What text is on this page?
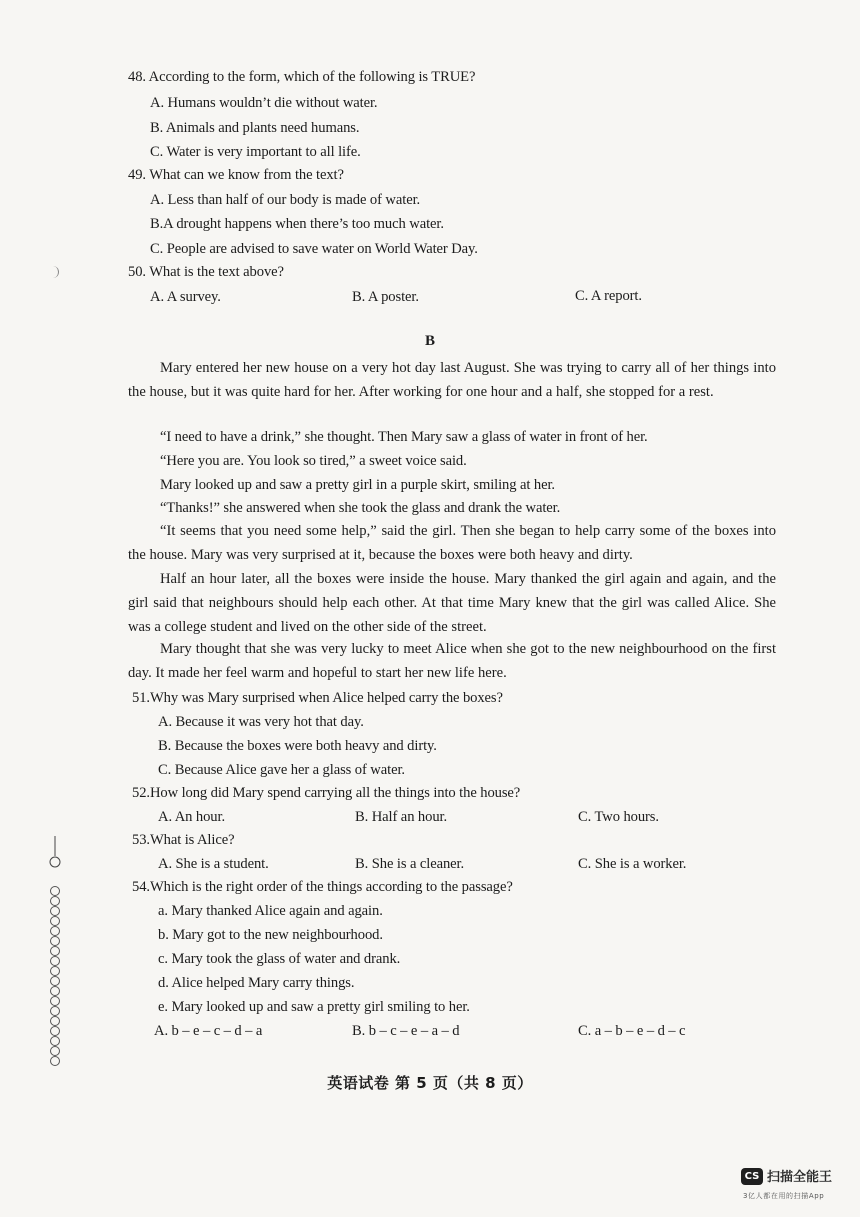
48. According to the form, which of the following is TRUE?
A. Humans wouldn’t die without water.
B. Animals and plants need humans.
C. Water is very important to all life.
49. What can we know from the text?
A. Less than half of our body is made of water.
B.A drought happens when there’s too much water.
C. People are advised to save water on World Water Day.
50. What is the text above?
A. A survey.	B. A poster.	C. A report.
B
Mary entered her new house on a very hot day last August. She was trying to carry all of her things into the house, but it was quite hard for her. After working for one hour and a half, she stopped for a rest.
“I need to have a drink,” she thought. Then Mary saw a glass of water in front of her.
“Here you are. You look so tired,” a sweet voice said.
Mary looked up and saw a pretty girl in a purple skirt, smiling at her.
“Thanks!” she answered when she took the glass and drank the water.
“It seems that you need some help,” said the girl. Then she began to help carry some of the boxes into the house. Mary was very surprised at it, because the boxes were both heavy and dirty.
Half an hour later, all the boxes were inside the house. Mary thanked the girl again and again, and the girl said that neighbours should help each other. At that time Mary knew that the girl was called Alice. She was a college student and lived on the other side of the street.
Mary thought that she was very lucky to meet Alice when she got to the new neighbourhood on the first day. It made her feel warm and hopeful to start her new life here.
51.Why was Mary surprised when Alice helped carry the boxes?
A. Because it was very hot that day.
B. Because the boxes were both heavy and dirty.
C. Because Alice gave her a glass of water.
52.How long did Mary spend carrying all the things into the house?
A. An hour.	B. Half an hour.	C. Two hours.
53.What is Alice?
A. She is a student.	B. She is a cleaner.	C. She is a worker.
54.Which is the right order of the things according to the passage?
a. Mary thanked Alice again and again.
b. Mary got to the new neighbourhood.
c. Mary took the glass of water and drank.
d. Alice helped Mary carry things.
e. Mary looked up and saw a pretty girl smiling to her.
A. b – e – c – d – a	B. b – c – e – a – d	C. a – b – e – d – c
英语试卷 第 5 页（共 8 页）
CS 扫描全能王
3亿人都在用的扫描App
